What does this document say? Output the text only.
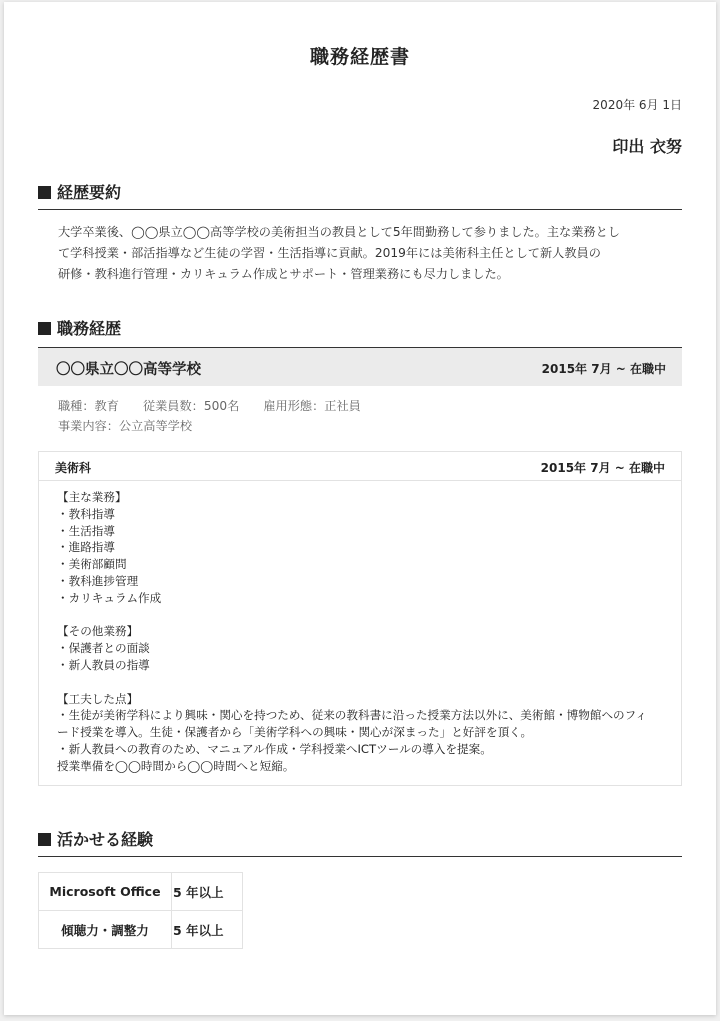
職務経歴書
2020年 6月 1日
印出 衣努
経歴要約
大学卒業後、◯◯県立◯◯高等学校の美術担当の教員として5年間勤務して参りました。主な業務とし
て学科授業・部活指導など生徒の学習・生活指導に貢献。2019年には美術科主任として新人教員の
研修・教科進行管理・カリキュラム作成とサポート・管理業務にも尽力しました。
職務経歴
〇〇県立〇〇高等学校	2015年 7月 ~ 在職中
職種：教育 従業員数：500名 雇用形態：正社員
事業内容：公立高等学校
美術科	2015年 7月 ~ 在職中
【主な業務】
・教科指導
・生活指導
・進路指導
・美術部顧問
・教科進捗管理
・カリキュラム作成
【その他業務】
・保護者との面談
・新人教員の指導
【工夫した点】
・生徒が美術学科により興味・関心を持つため、従来の教科書に沿った授業方法以外に、美術館・博物館へのフィ
ード授業を導入。生徒・保護者から「美術学科への興味・関心が深まった」と好評を頂く。
・新人教員への教育のため、マニュアル作成・学科授業へICTツールの導入を提案。
授業準備を◯◯時間から◯◯時間へと短縮。
活かせる経験
Microsoft Office	5 年以上
傾聴力・調整力	5 年以上
